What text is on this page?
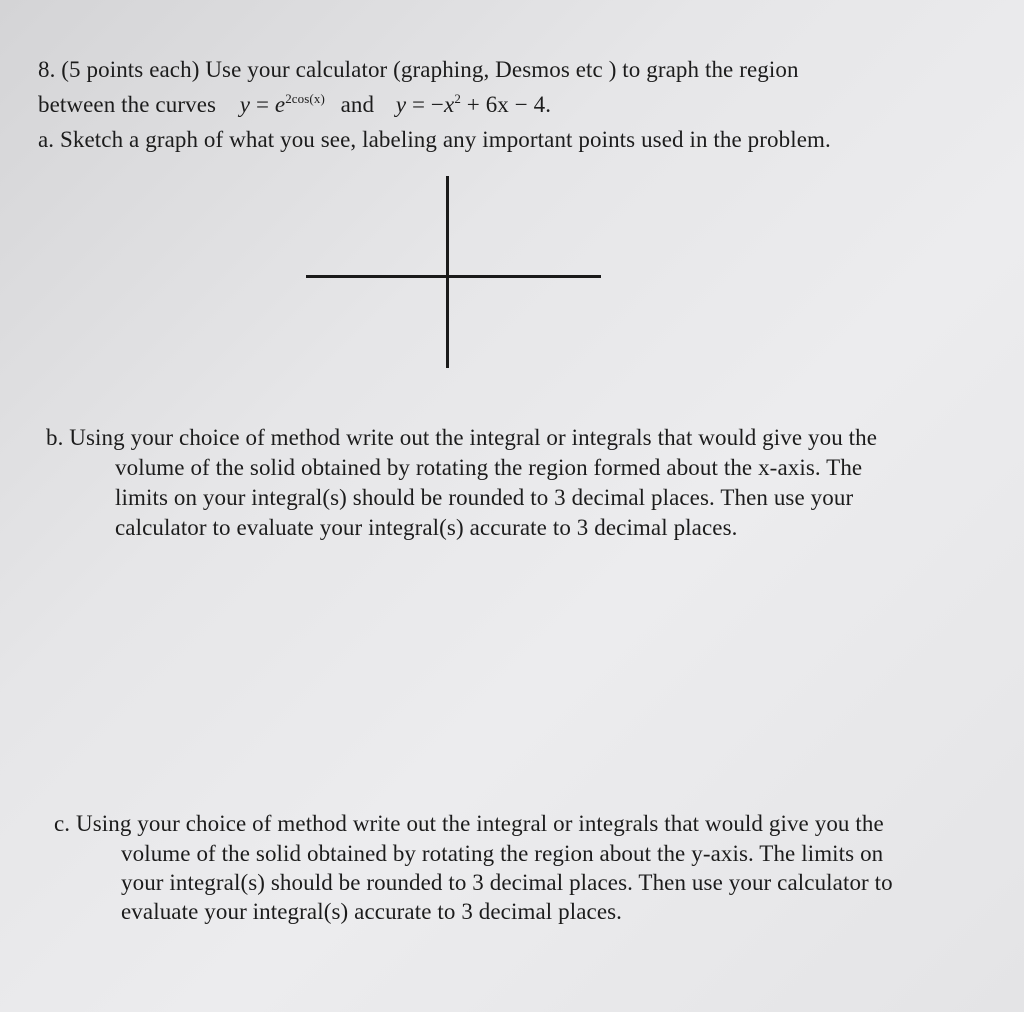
8. (5 points each) Use your calculator (graphing, Desmos etc ) to graph the region
between the curves $y = e^{2cos(x)}$ and $y = -x^2 + 6x - 4$.
a. Sketch a graph of what you see, labeling any important points used in the problem.
b. Using your choice of method write out the integral or integrals that would give you the
volume of the solid obtained by rotating the region formed about the x-axis. The
limits on your integral(s) should be rounded to 3 decimal places. Then use your
calculator to evaluate your integral(s) accurate to 3 decimal places.
c. Using your choice of method write out the integral or integrals that would give you the
volume of the solid obtained by rotating the region about the y-axis. The limits on
your integral(s) should be rounded to 3 decimal places. Then use your calculator to
evaluate your integral(s) accurate to 3 decimal places.
